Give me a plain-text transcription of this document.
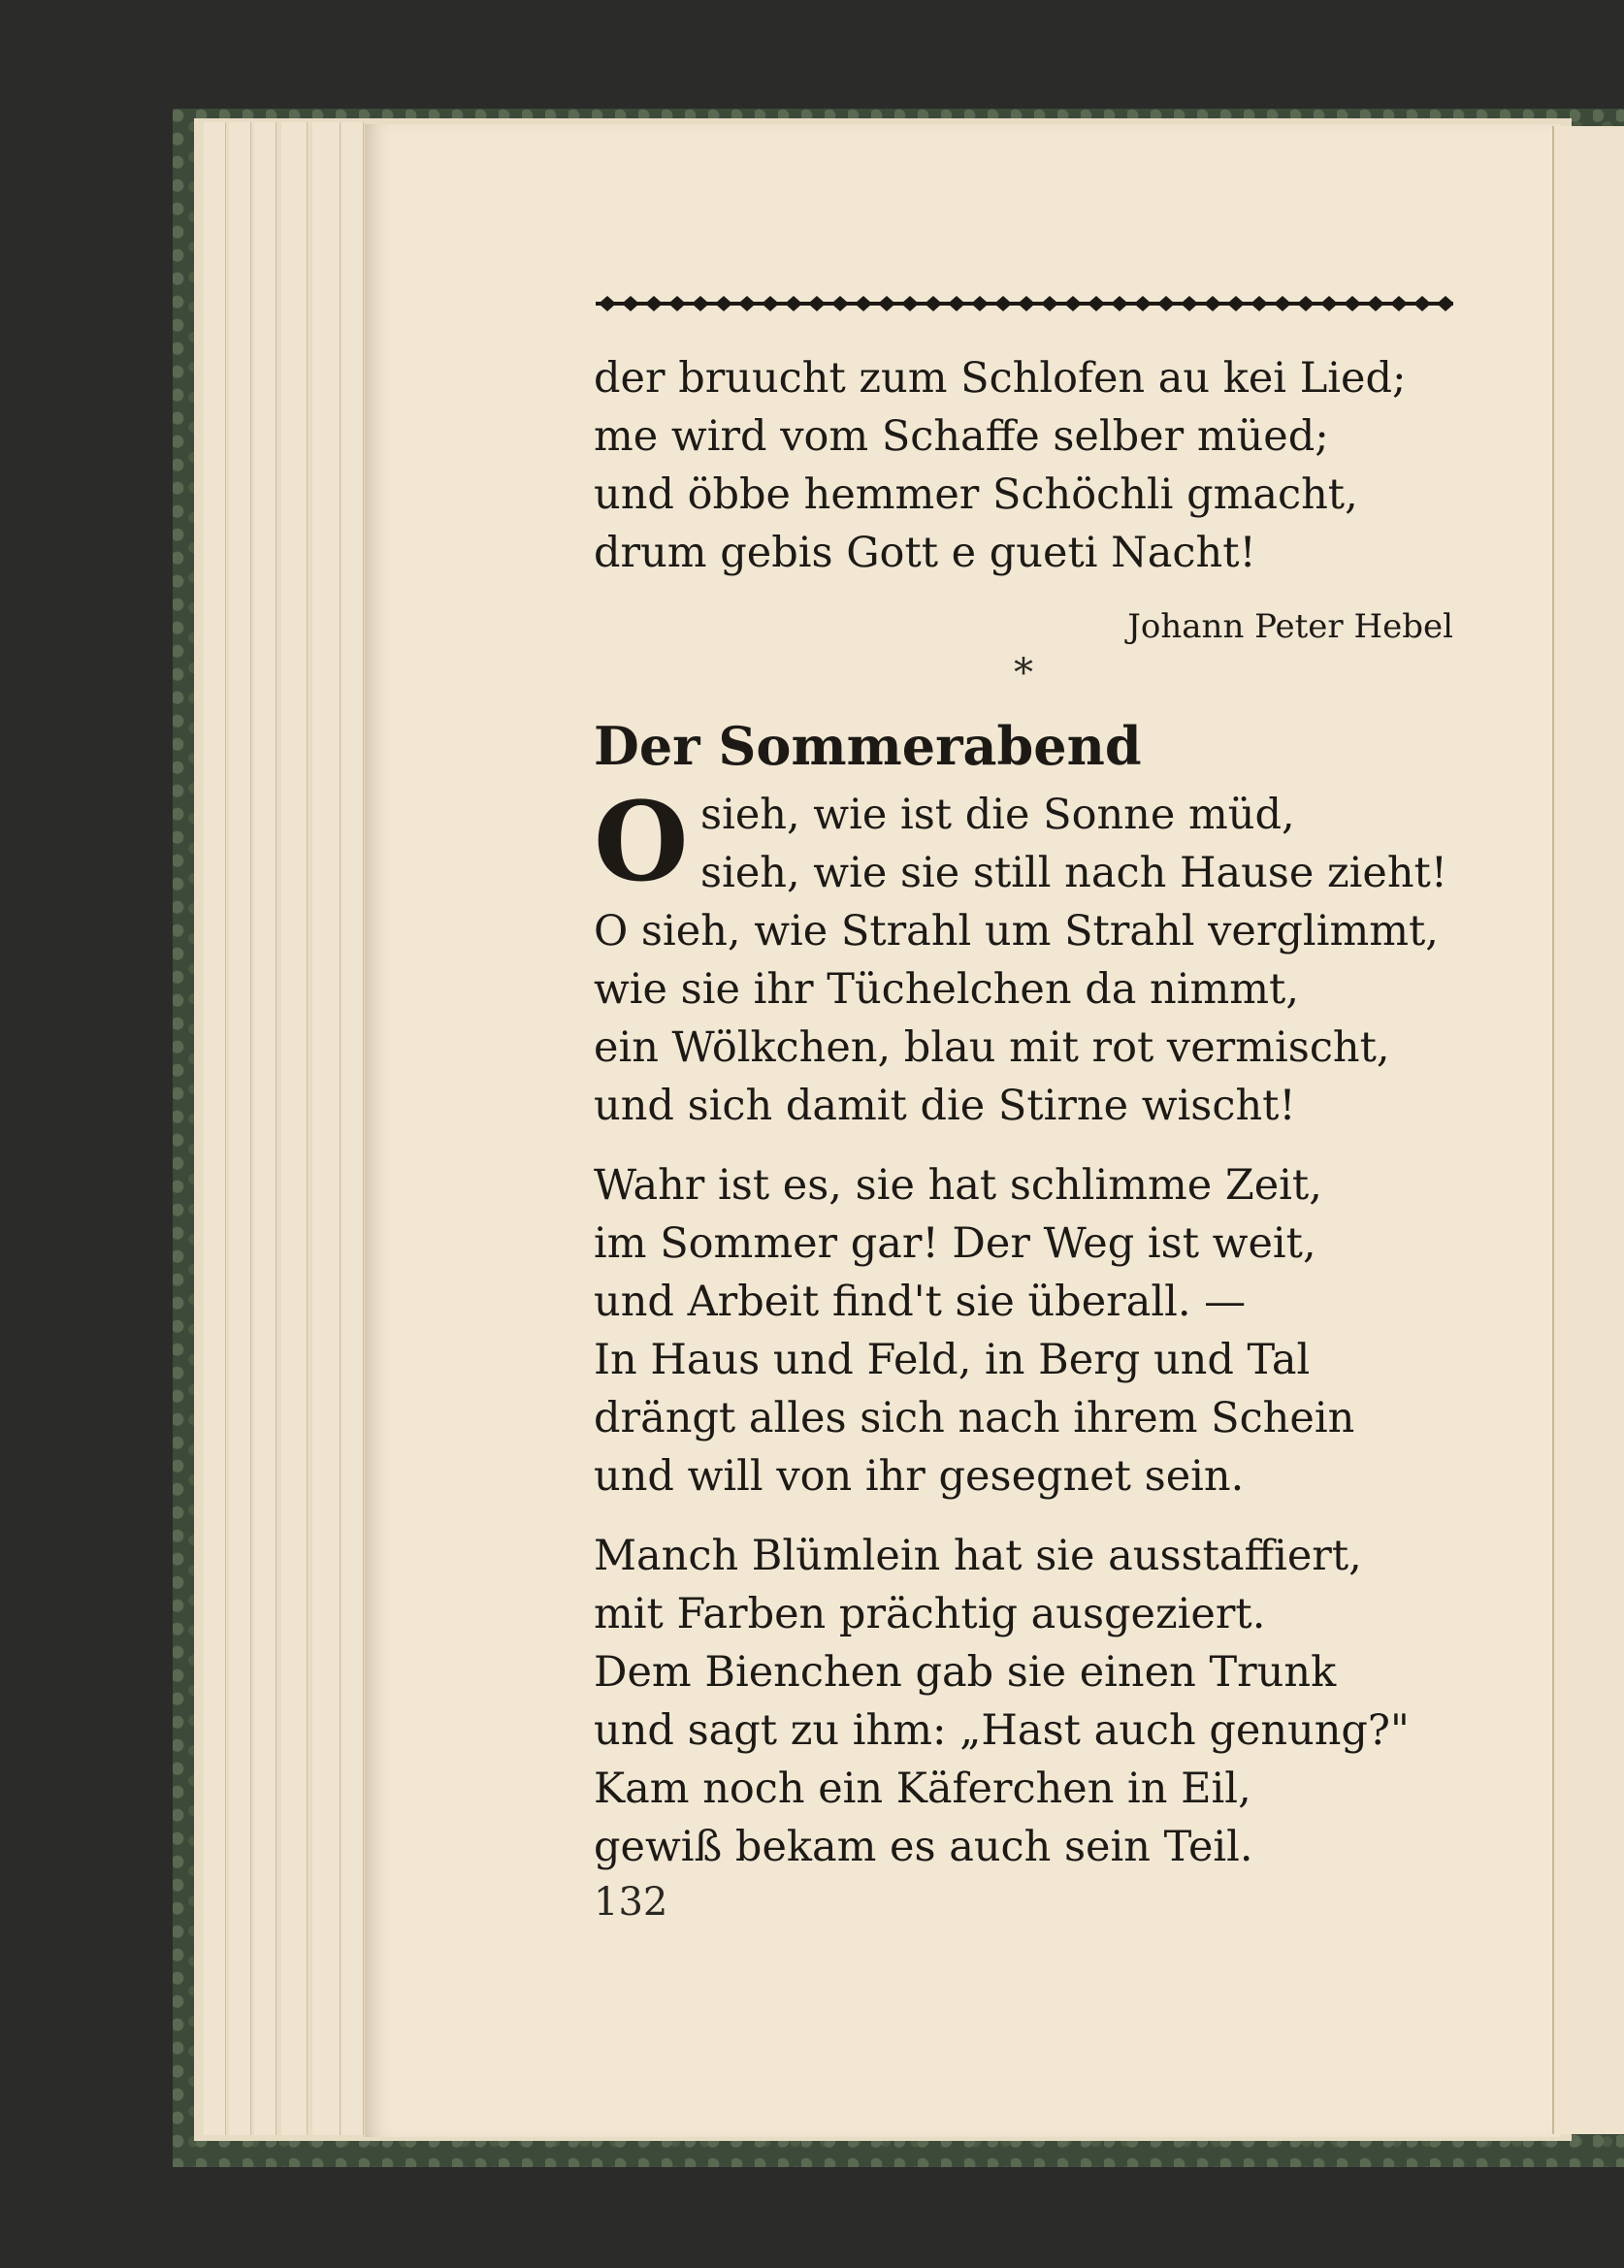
der bruucht zum Schlofen au kei Lied;

me wird vom Schaffe selber müed;

und öbbe hemmer Schöchli gmacht,

drum gebis Gott e gueti Nacht!

Johann Peter Hebel

*
Der Sommerabend
O sieh, wie ist die Sonne müd,

sieh, wie sie still nach Hause zieht!

O sieh, wie Strahl um Strahl verglimmt,

wie sie ihr Tüchelchen da nimmt,

ein Wölkchen, blau mit rot vermischt,

und sich damit die Stirne wischt!

Wahr ist es, sie hat schlimme Zeit,

im Sommer gar! Der Weg ist weit,

und Arbeit find't sie überall. —

In Haus und Feld, in Berg und Tal

drängt alles sich nach ihrem Schein

und will von ihr gesegnet sein.

Manch Blümlein hat sie ausstaffiert,

mit Farben prächtig ausgeziert.

Dem Bienchen gab sie einen Trunk

und sagt zu ihm: „Hast auch genung?"

Kam noch ein Käferchen in Eil,

gewiß bekam es auch sein Teil.

132
